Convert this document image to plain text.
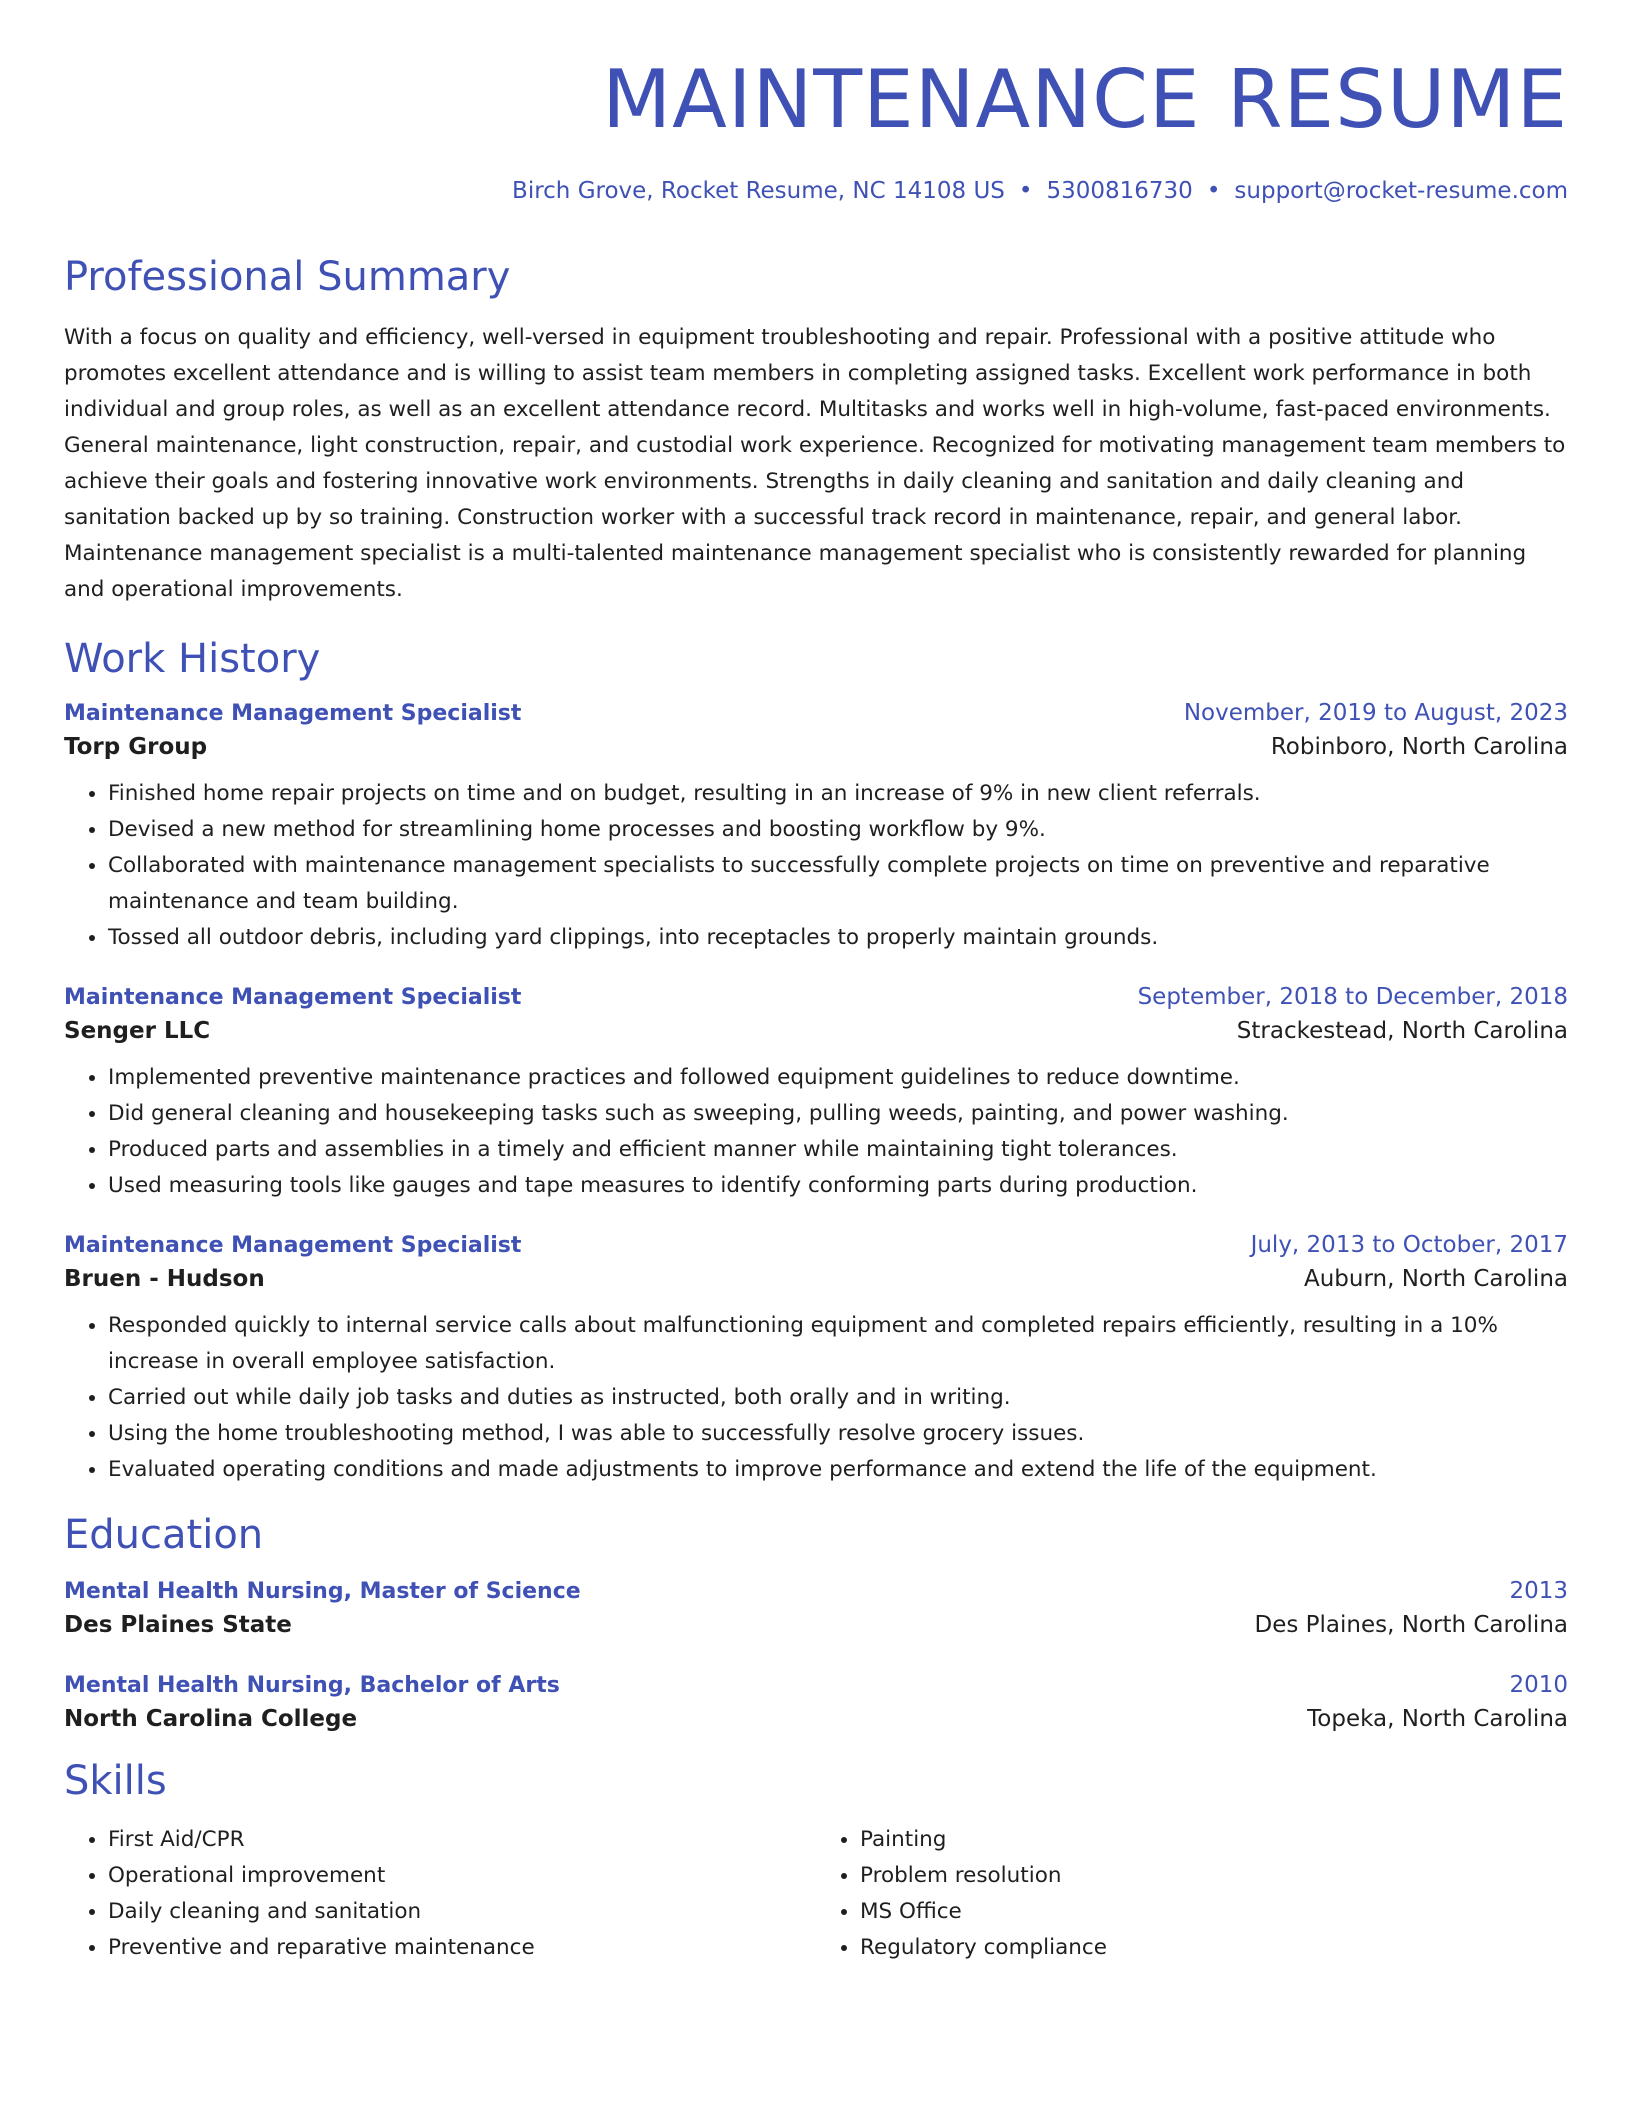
MAINTENANCE RESUME
Birch Grove, Rocket Resume, NC 14108 US • 5300816730 • support@rocket-resume.com
Professional Summary
With a focus on quality and efficiency, well-versed in equipment troubleshooting and repair. Professional with a positive attitude who promotes excellent attendance and is willing to assist team members in completing assigned tasks. Excellent work performance in both individual and group roles, as well as an excellent attendance record. Multitasks and works well in high-volume, fast-paced environments. General maintenance, light construction, repair, and custodial work experience. Recognized for motivating management team members to achieve their goals and fostering innovative work environments. Strengths in daily cleaning and sanitation and daily cleaning and sanitation backed up by so training. Construction worker with a successful track record in maintenance, repair, and general labor. Maintenance management specialist is a multi-talented maintenance management specialist who is consistently rewarded for planning and operational improvements.
Work History
Maintenance Management Specialist	November, 2019 to August, 2023
Torp Group	Robinboro, North Carolina
• Finished home repair projects on time and on budget, resulting in an increase of 9% in new client referrals.
• Devised a new method for streamlining home processes and boosting workflow by 9%.
• Collaborated with maintenance management specialists to successfully complete projects on time on preventive and reparative maintenance and team building.
• Tossed all outdoor debris, including yard clippings, into receptacles to properly maintain grounds.
Maintenance Management Specialist	September, 2018 to December, 2018
Senger LLC	Strackestead, North Carolina
• Implemented preventive maintenance practices and followed equipment guidelines to reduce downtime.
• Did general cleaning and housekeeping tasks such as sweeping, pulling weeds, painting, and power washing.
• Produced parts and assemblies in a timely and efficient manner while maintaining tight tolerances.
• Used measuring tools like gauges and tape measures to identify conforming parts during production.
Maintenance Management Specialist	July, 2013 to October, 2017
Bruen - Hudson	Auburn, North Carolina
• Responded quickly to internal service calls about malfunctioning equipment and completed repairs efficiently, resulting in a 10% increase in overall employee satisfaction.
• Carried out while daily job tasks and duties as instructed, both orally and in writing.
• Using the home troubleshooting method, I was able to successfully resolve grocery issues.
• Evaluated operating conditions and made adjustments to improve performance and extend the life of the equipment.
Education
Mental Health Nursing, Master of Science	2013
Des Plaines State	Des Plaines, North Carolina
Mental Health Nursing, Bachelor of Arts	2010
North Carolina College	Topeka, North Carolina
Skills
• First Aid/CPR
• Operational improvement
• Daily cleaning and sanitation
• Preventive and reparative maintenance
• Painting
• Problem resolution
• MS Office
• Regulatory compliance
